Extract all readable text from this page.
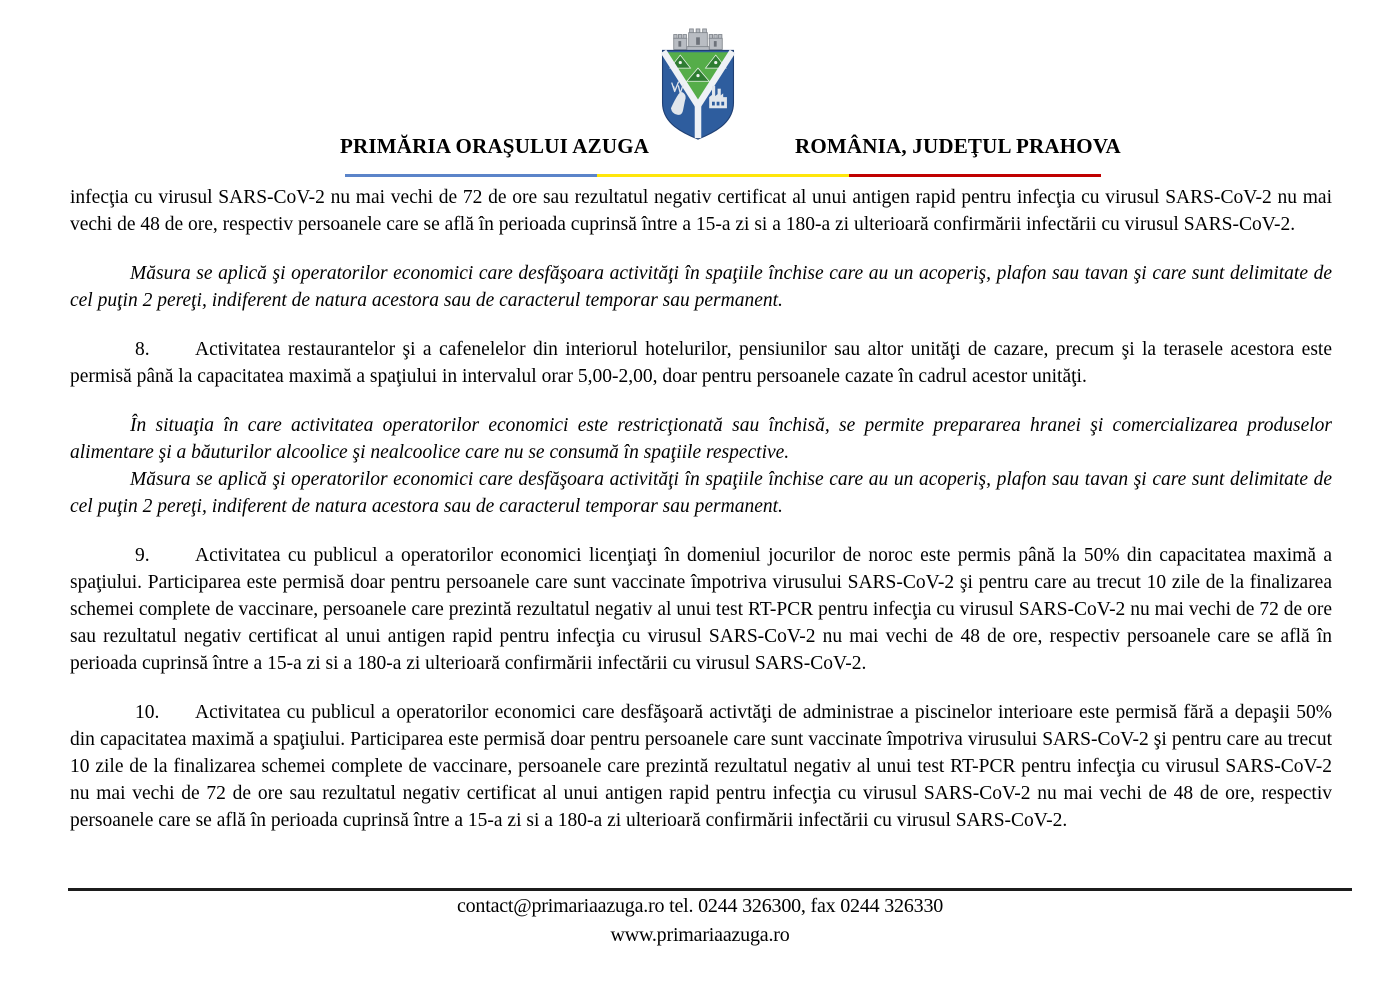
PRIMĂRIA ORAŞULUI AZUGA	ROMÂNIA, JUDEŢUL PRAHOVA

infecţia cu virusul SARS-CoV-2 nu mai vechi de 72 de ore sau rezultatul negativ certificat al unui antigen rapid pentru infecţia cu virusul SARS-CoV-2 nu mai vechi de 48 de ore, respectiv persoanele care se află în perioada cuprinsă între a 15-a zi si a 180-a zi ulterioară confirmării infectării cu virusul SARS-CoV-2.

Măsura se aplică şi operatorilor economici care desfăşoara activităţi în spaţiile închise care au un acoperiş, plafon sau tavan şi care sunt delimitate de cel puţin 2 pereţi, indiferent de natura acestora sau de caracterul temporar sau permanent.

8. Activitatea restaurantelor şi a cafenelelor din interiorul hotelurilor, pensiunilor sau altor unităţi de cazare, precum şi la terasele acestora este permisă până la capacitatea maximă a spaţiului in intervalul orar 5,00-2,00, doar pentru persoanele cazate în cadrul acestor unităţi.

În situaţia în care activitatea operatorilor economici este restricţionată sau închisă, se permite prepararea hranei şi comercializarea produselor alimentare şi a băuturilor alcoolice şi nealcoolice care nu se consumă în spaţiile respective.

Măsura se aplică şi operatorilor economici care desfăşoara activităţi în spaţiile închise care au un acoperiş, plafon sau tavan şi care sunt delimitate de cel puţin 2 pereţi, indiferent de natura acestora sau de caracterul temporar sau permanent.

9. Activitatea cu publicul a operatorilor economici licenţiaţi în domeniul jocurilor de noroc este permis până la 50% din capacitatea maximă a spaţiului. Participarea este permisă doar pentru persoanele care sunt vaccinate împotriva virusului SARS-CoV-2 şi pentru care au trecut 10 zile de la finalizarea schemei complete de vaccinare, persoanele care prezintă rezultatul negativ al unui test RT-PCR pentru infecţia cu virusul SARS-CoV-2 nu mai vechi de 72 de ore sau rezultatul negativ certificat al unui antigen rapid pentru infecţia cu virusul SARS-CoV-2 nu mai vechi de 48 de ore, respectiv persoanele care se află în perioada cuprinsă între a 15-a zi si a 180-a zi ulterioară confirmării infectării cu virusul SARS-CoV-2.

10. Activitatea cu publicul a operatorilor economici care desfăşoară activtăţi de administrae a piscinelor interioare este permisă fără a depaşii 50% din capacitatea maximă a spaţiului. Participarea este permisă doar pentru persoanele care sunt vaccinate împotriva virusului SARS-CoV-2 şi pentru care au trecut 10 zile de la finalizarea schemei complete de vaccinare, persoanele care prezintă rezultatul negativ al unui test RT-PCR pentru infecţia cu virusul SARS-CoV-2 nu mai vechi de 72 de ore sau rezultatul negativ certificat al unui antigen rapid pentru infecţia cu virusul SARS-CoV-2 nu mai vechi de 48 de ore, respectiv persoanele care se află în perioada cuprinsă între a 15-a zi si a 180-a zi ulterioară confirmării infectării cu virusul SARS-CoV-2.

contact@primariaazuga.ro tel. 0244 326300, fax 0244 326330
www.primariaazuga.ro
